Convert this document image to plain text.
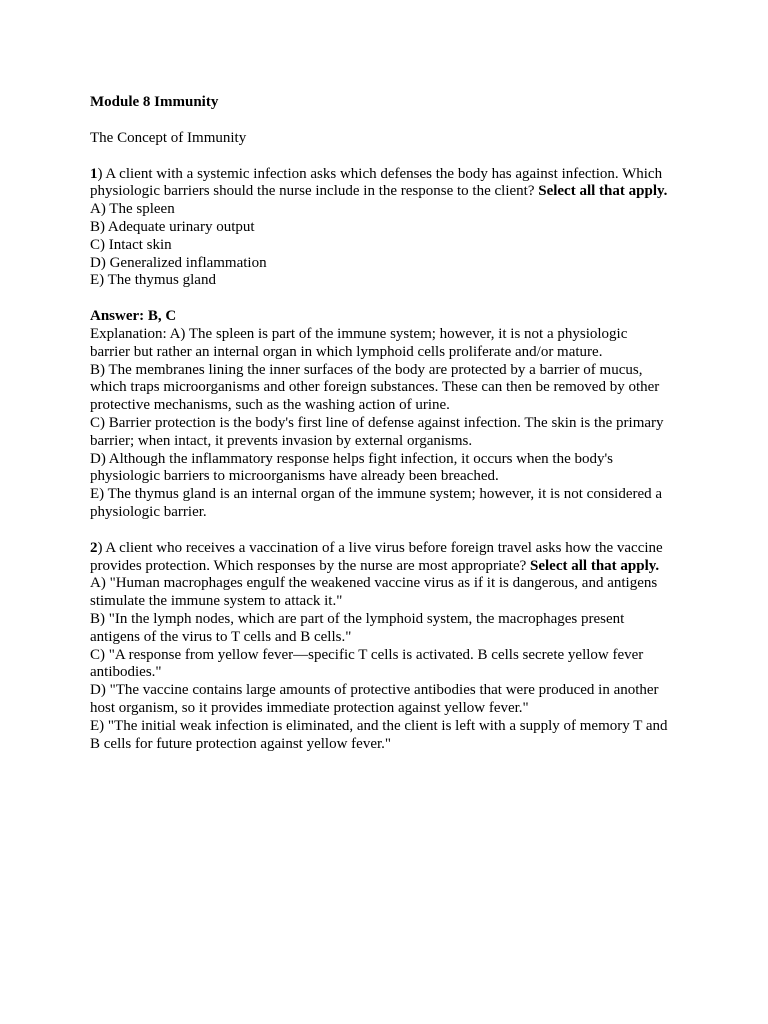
Module 8 Immunity
The Concept of Immunity
1) A client with a systemic infection asks which defenses the body has against infection. Which
physiologic barriers should the nurse include in the response to the client? Select all that apply.
A) The spleen
B) Adequate urinary output
C) Intact skin
D) Generalized inflammation
E) The thymus gland
Answer: B, C
Explanation: A) The spleen is part of the immune system; however, it is not a physiologic
barrier but rather an internal organ in which lymphoid cells proliferate and/or mature.
B) The membranes lining the inner surfaces of the body are protected by a barrier of mucus,
which traps microorganisms and other foreign substances. These can then be removed by other
protective mechanisms, such as the washing action of urine.
C) Barrier protection is the body's first line of defense against infection. The skin is the primary
barrier; when intact, it prevents invasion by external organisms.
D) Although the inflammatory response helps fight infection, it occurs when the body's
physiologic barriers to microorganisms have already been breached.
E) The thymus gland is an internal organ of the immune system; however, it is not considered a
physiologic barrier.
2) A client who receives a vaccination of a live virus before foreign travel asks how the vaccine
provides protection. Which responses by the nurse are most appropriate? Select all that apply.
A) "Human macrophages engulf the weakened vaccine virus as if it is dangerous, and antigens
stimulate the immune system to attack it."
B) "In the lymph nodes, which are part of the lymphoid system, the macrophages present
antigens of the virus to T cells and B cells."
C) "A response from yellow fever—specific T cells is activated. B cells secrete yellow fever
antibodies."
D) "The vaccine contains large amounts of protective antibodies that were produced in another
host organism, so it provides immediate protection against yellow fever."
E) "The initial weak infection is eliminated, and the client is left with a supply of memory T and
B cells for future protection against yellow fever."
